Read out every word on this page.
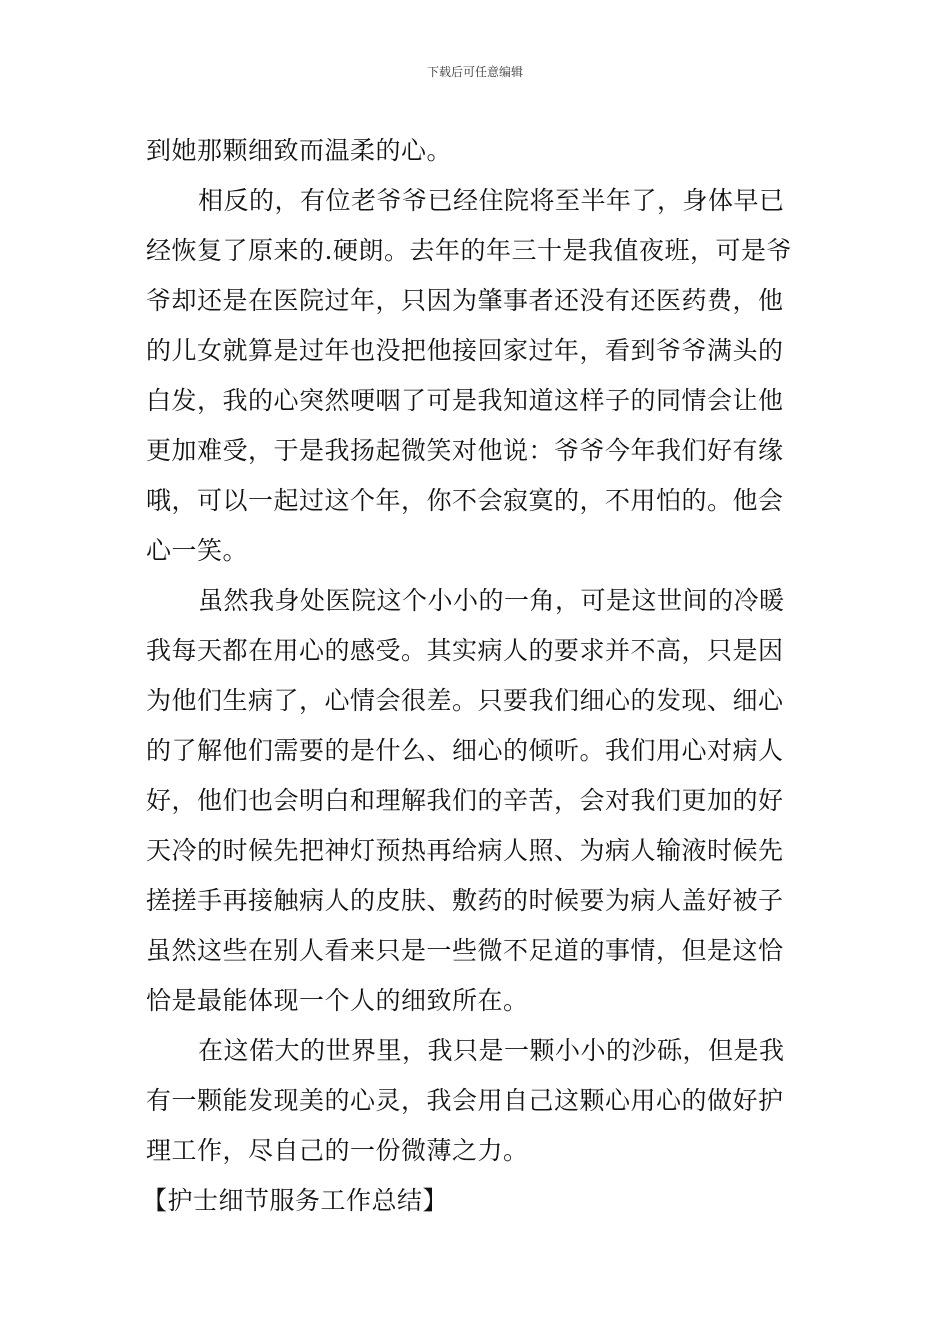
下载后可任意编辑
到她那颗细致而温柔的心。
相反的，有位老爷爷已经住院将至半年了，身体早已
经恢复了原来的.硬朗。去年的年三十是我值夜班，可是爷
爷却还是在医院过年，只因为肇事者还没有还医药费，他
的儿女就算是过年也没把他接回家过年，看到爷爷满头的
白发，我的心突然哽咽了可是我知道这样子的同情会让他
更加难受，于是我扬起微笑对他说：爷爷今年我们好有缘
哦，可以一起过这个年，你不会寂寞的，不用怕的。他会
心一笑。
虽然我身处医院这个小小的一角，可是这世间的冷暖
我每天都在用心的感受。其实病人的要求并不高，只是因
为他们生病了，心情会很差。只要我们细心的发现、细心
的了解他们需要的是什么、细心的倾听。我们用心对病人
好，他们也会明白和理解我们的辛苦，会对我们更加的好
天冷的时候先把神灯预热再给病人照、为病人输液时候先
搓搓手再接触病人的皮肤、敷药的时候要为病人盖好被子
虽然这些在别人看来只是一些微不足道的事情，但是这恰
恰是最能体现一个人的细致所在。
在这偌大的世界里，我只是一颗小小的沙砾，但是我
有一颗能发现美的心灵，我会用自己这颗心用心的做好护
理工作，尽自己的一份微薄之力。
【护士细节服务工作总结】
